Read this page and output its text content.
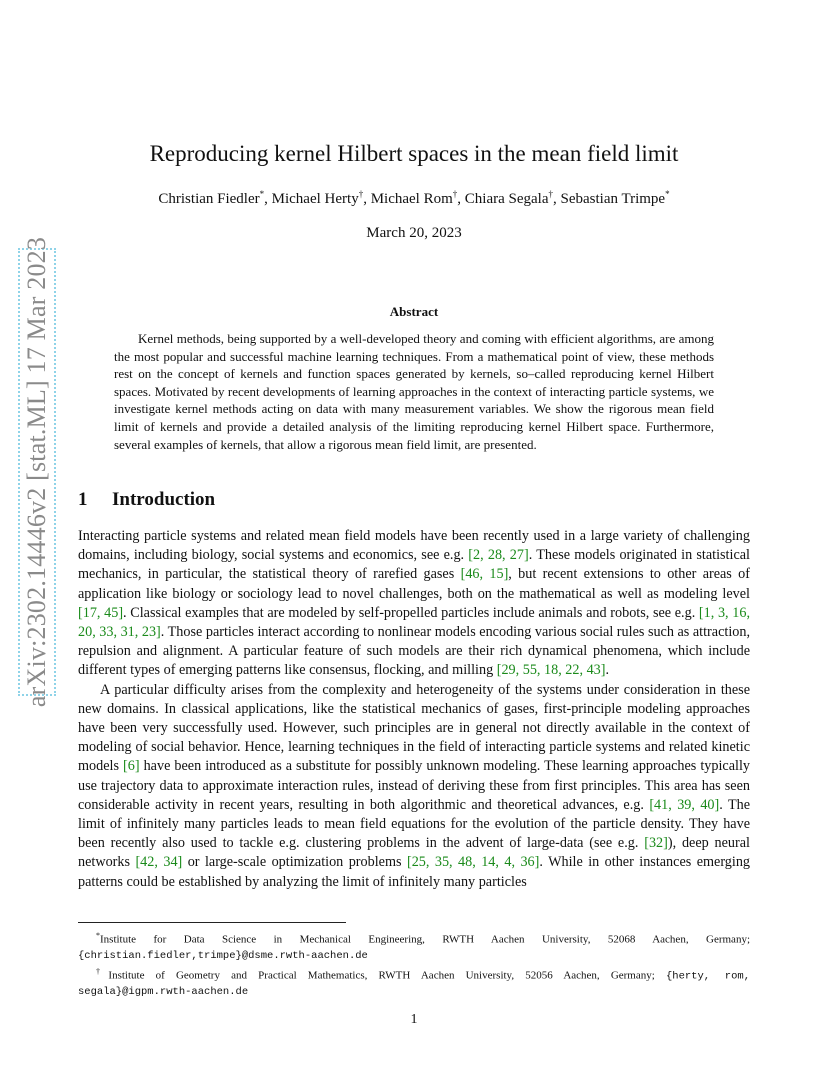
arXiv:2302.14446v2 [stat.ML] 17 Mar 2023
Reproducing kernel Hilbert spaces in the mean field limit
Christian Fiedler*, Michael Herty†, Michael Rom†, Chiara Segala†, Sebastian Trimpe*
March 20, 2023
Abstract

Kernel methods, being supported by a well-developed theory and coming with efficient algorithms, are among the most popular and successful machine learning techniques. From a mathematical point of view, these methods rest on the concept of kernels and function spaces generated by kernels, so–called reproducing kernel Hilbert spaces. Motivated by recent developments of learning approaches in the context of interacting particle systems, we investigate kernel methods acting on data with many measurement variables. We show the rigorous mean field limit of kernels and provide a detailed analysis of the limiting reproducing kernel Hilbert space. Furthermore, several examples of kernels, that allow a rigorous mean field limit, are presented.

1 Introduction

Interacting particle systems and related mean field models have been recently used in a large variety of challenging domains, including biology, social systems and economics, see e.g. [2, 28, 27]. These models originated in statistical mechanics, in particular, the statistical theory of rarefied gases [46, 15], but recent extensions to other areas of application like biology or sociology lead to novel challenges, both on the mathematical as well as modeling level [17, 45]. Classical examples that are modeled by self-propelled particles include animals and robots, see e.g. [1, 3, 16, 20, 33, 31, 23]. Those particles interact according to nonlinear models encoding various social rules such as attraction, repulsion and alignment. A particular feature of such models are their rich dynamical phenomena, which include different types of emerging patterns like consensus, flocking, and milling [29, 55, 18, 22, 43].

A particular difficulty arises from the complexity and heterogeneity of the systems under consideration in these new domains. In classical applications, like the statistical mechanics of gases, first-principle modeling approaches have been very successfully used. However, such principles are in general not directly available in the context of modeling of social behavior. Hence, learning techniques in the field of interacting particle systems and related kinetic models [6] have been introduced as a substitute for possibly unknown modeling. These learning approaches typically use trajectory data to approximate interaction rules, instead of deriving these from first principles. This area has seen considerable activity in recent years, resulting in both algorithmic and theoretical advances, e.g. [41, 39, 40]. The limit of infinitely many particles leads to mean field equations for the evolution of the particle density. They have been recently also used to tackle e.g. clustering problems in the advent of large-data (see e.g. [32]), deep neural networks [42, 34] or large-scale optimization problems [25, 35, 48, 14, 4, 36]. While in other instances emerging patterns could be established by analyzing the limit of infinitely many particles

*Institute for Data Science in Mechanical Engineering, RWTH Aachen University, 52068 Aachen, Germany; {christian.fiedler,trimpe}@dsme.rwth-aachen.de

†Institute of Geometry and Practical Mathematics, RWTH Aachen University, 52056 Aachen, Germany; {herty, rom, segala}@igpm.rwth-aachen.de

1
